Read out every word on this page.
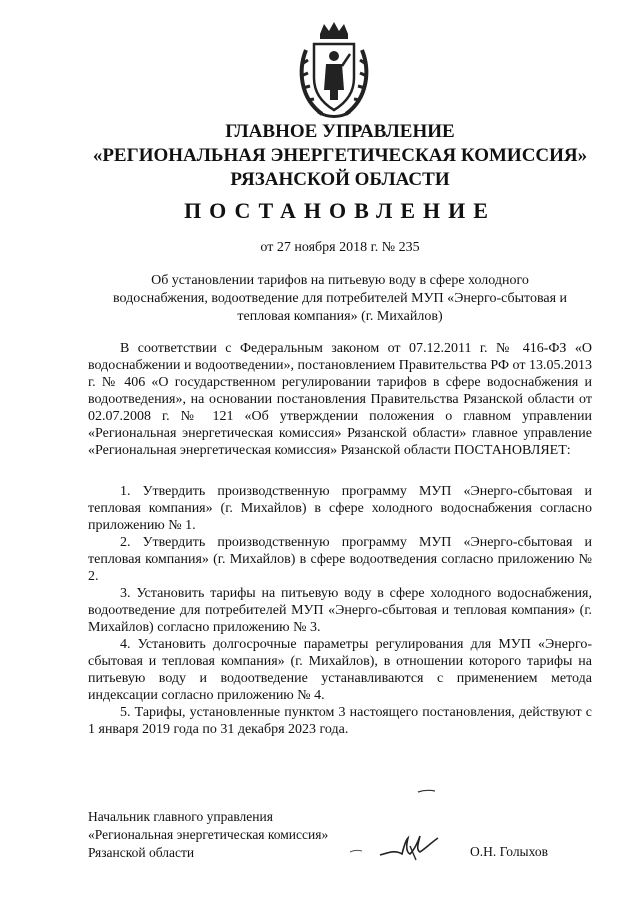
ГЛАВНОЕ УПРАВЛЕНИЕ
«РЕГИОНАЛЬНАЯ ЭНЕРГЕТИЧЕСКАЯ КОМИССИЯ»
РЯЗАНСКОЙ ОБЛАСТИ
ПОСТАНОВЛЕНИЕ
от 27 ноября 2018 г. № 235
Об установлении тарифов на питьевую воду в сфере холодного
водоснабжения, водоотведение для потребителей МУП «Энерго-сбытовая и
тепловая компания» (г. Михайлов)

В соответствии с Федеральным законом от 07.12.2011 г. № 416-ФЗ «О водоснабжении и водоотведении», постановлением Правительства РФ от 13.05.2013 г. № 406 «О государственном регулировании тарифов в сфере водоснабжения и водоотведения», на основании постановления Правительства Рязанской области от 02.07.2008 г. № 121 «Об утверждении положения о главном управлении «Региональная энергетическая комиссия» Рязанской области» главное управление «Региональная энергетическая комиссия» Рязанской области ПОСТАНОВЛЯЕТ:

1. Утвердить производственную программу МУП «Энерго-сбытовая и тепловая компания» (г. Михайлов) в сфере холодного водоснабжения согласно приложению № 1.
2. Утвердить производственную программу МУП «Энерго-сбытовая и тепловая компания» (г. Михайлов) в сфере водоотведения согласно приложению № 2.
3. Установить тарифы на питьевую воду в сфере холодного водоснабжения, водоотведение для потребителей МУП «Энерго-сбытовая и тепловая компания» (г. Михайлов) согласно приложению № 3.
4. Установить долгосрочные параметры регулирования для МУП «Энерго-сбытовая и тепловая компания» (г. Михайлов), в отношении которого тарифы на питьевую воду и водоотведение устанавливаются с применением метода индексации согласно приложению № 4.
5. Тарифы, установленные пунктом 3 настоящего постановления, действуют с 1 января 2019 года по 31 декабря 2023 года.
Начальник главного управления
«Региональная энергетическая комиссия»
Рязанской области	О.Н. Голыхов
